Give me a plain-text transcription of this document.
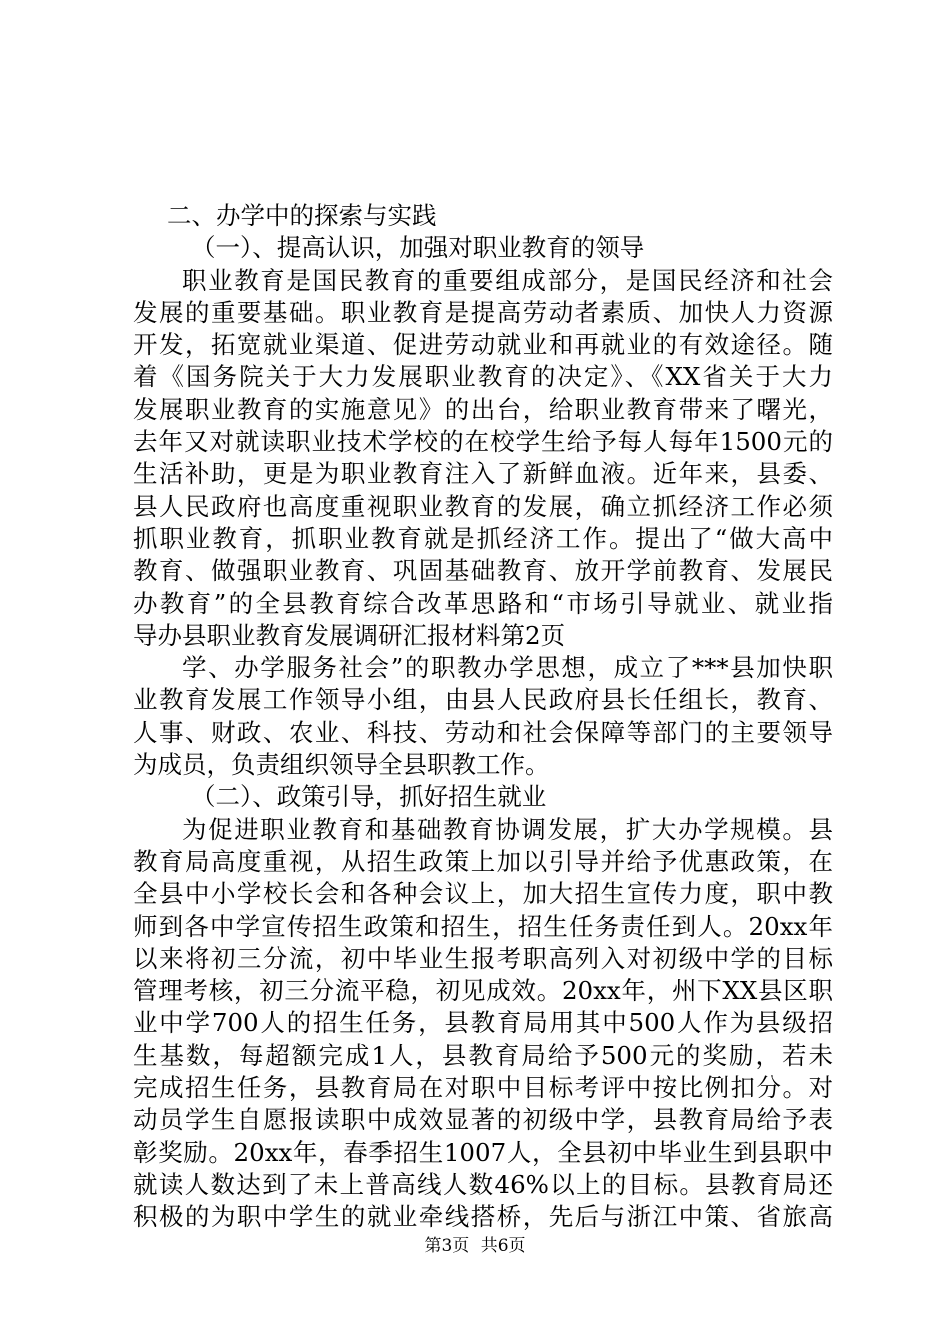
二、办学中的探索与实践
（一）、提高认识，加强对职业教育的领导
职业教育是国民教育的重要组成部分，是国民经济和社会
发展的重要基础。职业教育是提高劳动者素质、加快人力资源
开发，拓宽就业渠道、促进劳动就业和再就业的有效途径。随
着《国务院关于大力发展职业教育的决定》、《XX省关于大力
发展职业教育的实施意见》的出台，给职业教育带来了曙光，
去年又对就读职业技术学校的在校学生给予每人每年1500元的
生活补助，更是为职业教育注入了新鲜血液。近年来，县委、
县人民政府也高度重视职业教育的发展，确立抓经济工作必须
抓职业教育，抓职业教育就是抓经济工作。提出了“做大高中
教育、做强职业教育、巩固基础教育、放开学前教育、发展民
办教育”的全县教育综合改革思路和“市场引导就业、就业指
导办县职业教育发展调研汇报材料第2页
学、办学服务社会”的职教办学思想，成立了***县加快职
业教育发展工作领导小组，由县人民政府县长任组长，教育、
人事、财政、农业、科技、劳动和社会保障等部门的主要领导
为成员，负责组织领导全县职教工作。
（二）、政策引导，抓好招生就业
为促进职业教育和基础教育协调发展，扩大办学规模。县
教育局高度重视，从招生政策上加以引导并给予优惠政策，在
全县中小学校长会和各种会议上，加大招生宣传力度，职中教
师到各中学宣传招生政策和招生，招生任务责任到人。20xx年
以来将初三分流，初中毕业生报考职高列入对初级中学的目标
管理考核，初三分流平稳，初见成效。20xx年，州下XX县区职
业中学700人的招生任务，县教育局用其中500人作为县级招
生基数，每超额完成1人，县教育局给予500元的奖励，若未
完成招生任务，县教育局在对职中目标考评中按比例扣分。对
动员学生自愿报读职中成效显著的初级中学，县教育局给予表
彰奖励。20xx年，春季招生1007人，全县初中毕业生到县职中
就读人数达到了未上普高线人数46%以上的目标。县教育局还
积极的为职中学生的就业牵线搭桥，先后与浙江中策、省旅高
第3页 共6页
